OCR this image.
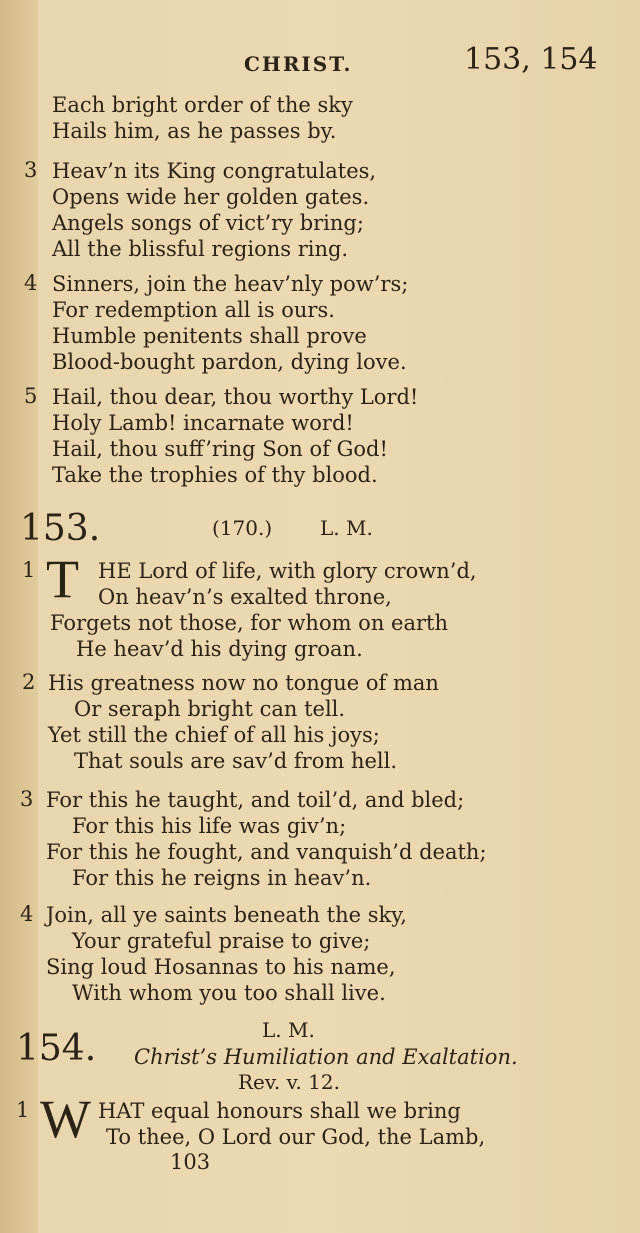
CHRIST.	153, 154
Each bright order of the sky
Hails him, as he passes by.
3 Heav’n its King congratulates,
Opens wide her golden gates.
Angels songs of vict’ry bring;
All the blissful regions ring.
4 Sinners, join the heav’nly pow’rs;
For redemption all is ours.
Humble penitents shall prove
Blood-bought pardon, dying love.
5 Hail, thou dear, thou worthy Lord!
Holy Lamb! incarnate word!
Hail, thou suff’ring Son of God!
Take the trophies of thy blood.
153.	(170.) L. M.
1 T HE Lord of life, with glory crown’d,
On heav’n’s exalted throne,
Forgets not those, for whom on earth
He heav’d his dying groan.
2 His greatness now no tongue of man
Or seraph bright can tell.
Yet still the chief of all his joys;
That souls are sav’d from hell.
3 For this he taught, and toil’d, and bled;
For this his life was giv’n;
For this he fought, and vanquish’d death;
For this he reigns in heav’n.
4 Join, all ye saints beneath the sky,
Your grateful praise to give;
Sing loud Hosannas to his name,
With whom you too shall live.
154.	L. M.
Christ’s Humiliation and Exaltation.
Rev. v. 12.
1 W HAT equal honours shall we bring
To thee, O Lord our God, the Lamb,
103
